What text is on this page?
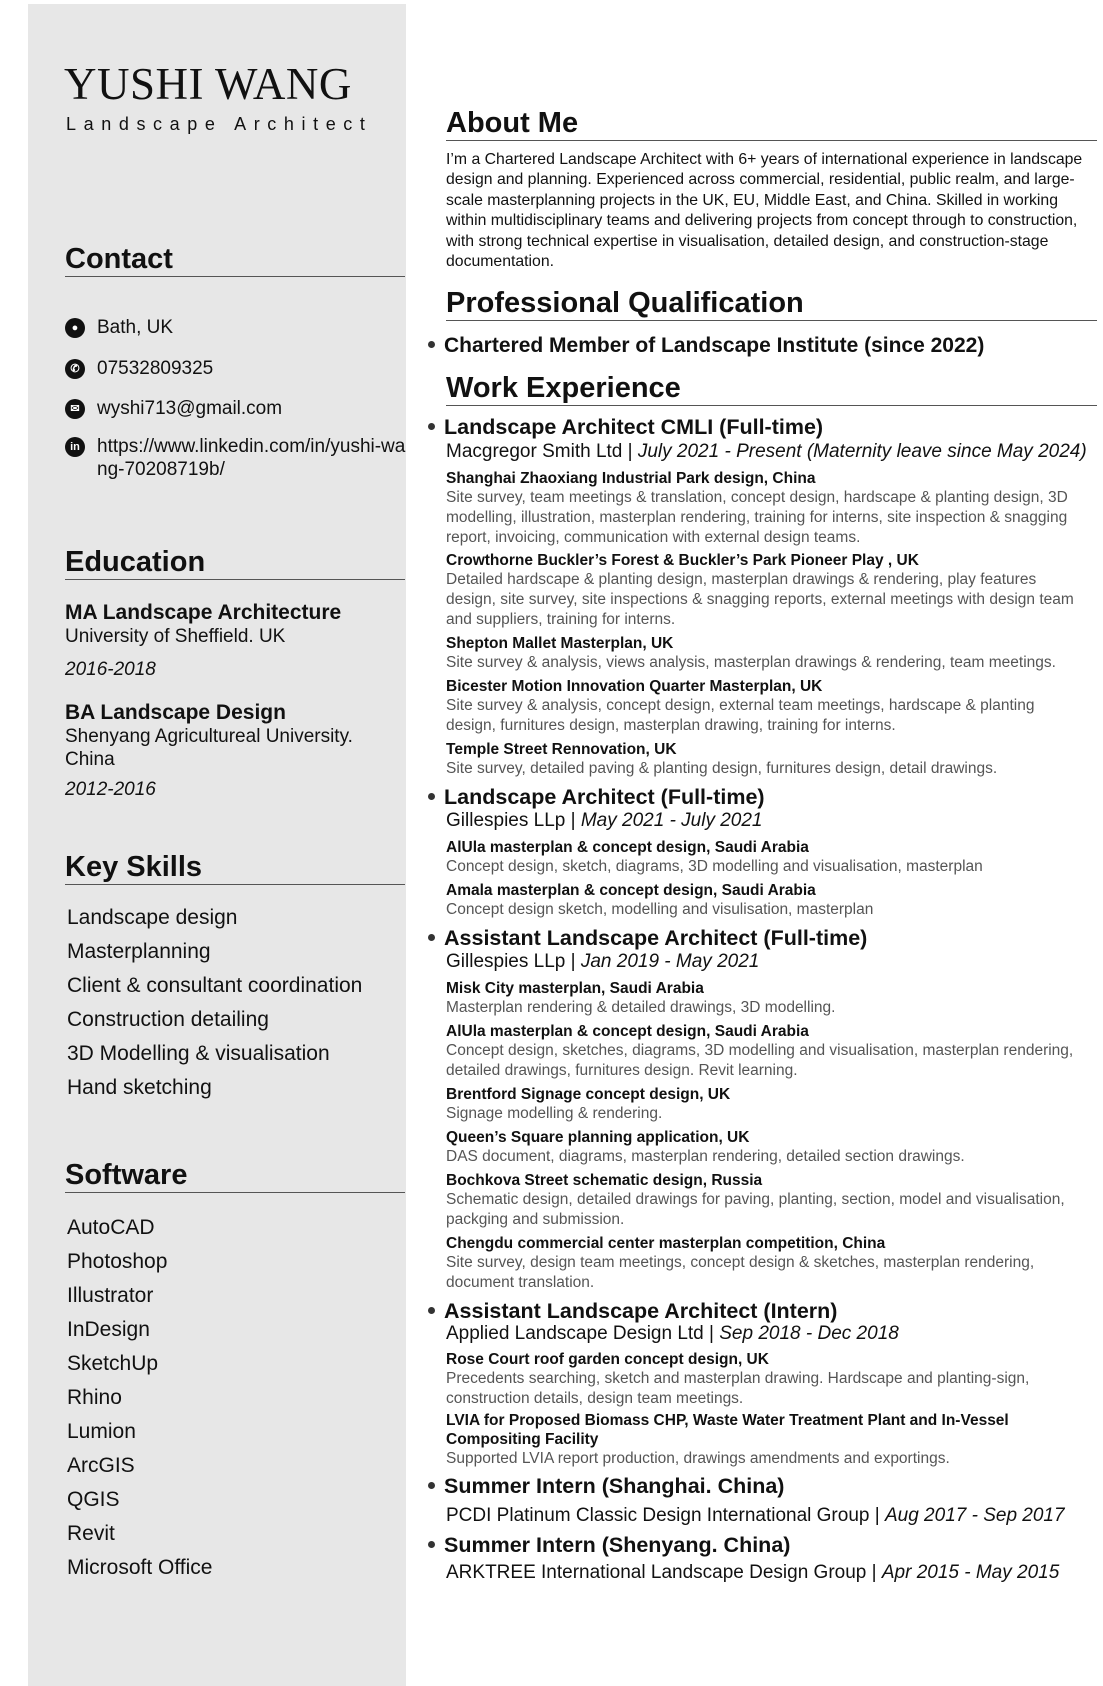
YUSHI WANG
Landscape Architect
Contact
● Bath, UK
✆ 07532809325
✉ wyshi713@gmail.com
in https://www.linkedin.com/in/yushi-wang-70208719b/
Education
MA Landscape Architecture
University of Sheffield. UK
2016-2018
BA Landscape Design
Shenyang Agricultureal University. China
2012-2016
Key Skills
Landscape design
Masterplanning
Client & consultant coordination
Construction detailing
3D Modelling & visualisation
Hand sketching
Software
AutoCAD
Photoshop
Illustrator
InDesign
SketchUp
Rhino
Lumion
ArcGIS
QGIS
Revit
Microsoft Office
About Me
I’m a Chartered Landscape Architect with 6+ years of international experience in landscape design and planning. Experienced across commercial, residential, public realm, and large-scale masterplanning projects in the UK, EU, Middle East, and China. Skilled in working within multidisciplinary teams and delivering projects from concept through to construction, with strong technical expertise in visualisation, detailed design, and construction-stage documentation.
Professional Qualification
Chartered Member of Landscape Institute (since 2022)
Work Experience
Landscape Architect CMLI (Full-time)
Macgregor Smith Ltd | July 2021 - Present (Maternity leave since May 2024)
Shanghai Zhaoxiang Industrial Park design, China
Site survey, team meetings & translation, concept design, hardscape & planting design, 3D modelling, illustration, masterplan rendering, training for interns, site inspection & snagging report, invoicing, communication with external design teams.
Crowthorne Buckler’s Forest & Buckler’s Park Pioneer Play , UK
Detailed hardscape & planting design, masterplan drawings & rendering, play features design, site survey, site inspections & snagging reports, external meetings with design team and suppliers, training for interns.
Shepton Mallet Masterplan, UK
Site survey & analysis, views analysis, masterplan drawings & rendering, team meetings.
Bicester Motion Innovation Quarter Masterplan, UK
Site survey & analysis, concept design, external team meetings, hardscape & planting design, furnitures design, masterplan drawing, training for interns.
Temple Street Rennovation, UK
Site survey, detailed paving & planting design, furnitures design, detail drawings.
Landscape Architect (Full-time)
Gillespies LLp | May 2021 - July 2021
AlUla masterplan & concept design, Saudi Arabia
Concept design, sketch, diagrams, 3D modelling and visualisation, masterplan
Amala masterplan & concept design, Saudi Arabia
Concept design sketch, modelling and visulisation, masterplan
Assistant Landscape Architect (Full-time)
Gillespies LLp | Jan 2019 - May 2021
Misk City masterplan, Saudi Arabia
Masterplan rendering & detailed drawings, 3D modelling.
AlUla masterplan & concept design, Saudi Arabia
Concept design, sketches, diagrams, 3D modelling and visualisation, masterplan rendering, detailed drawings, furnitures design. Revit learning.
Brentford Signage concept design, UK
Signage modelling & rendering.
Queen’s Square planning application, UK
DAS document, diagrams, masterplan rendering, detailed section drawings.
Bochkova Street schematic design, Russia
Schematic design, detailed drawings for paving, planting, section, model and visualisation, packging and submission.
Chengdu commercial center masterplan competition, China
Site survey, design team meetings, concept design & sketches, masterplan rendering, document translation.
Assistant Landscape Architect (Intern)
Applied Landscape Design Ltd | Sep 2018 - Dec 2018
Rose Court roof garden concept design, UK
Precedents searching, sketch and masterplan drawing. Hardscape and planting-sign, construction details, design team meetings.
LVIA for Proposed Biomass CHP, Waste Water Treatment Plant and In-Vessel Compositing Facility
Supported LVIA report production, drawings amendments and exportings.
Summer Intern (Shanghai. China)
PCDI Platinum Classic Design International Group | Aug 2017 - Sep 2017
Summer Intern (Shenyang. China)
ARKTREE International Landscape Design Group | Apr 2015 - May 2015
